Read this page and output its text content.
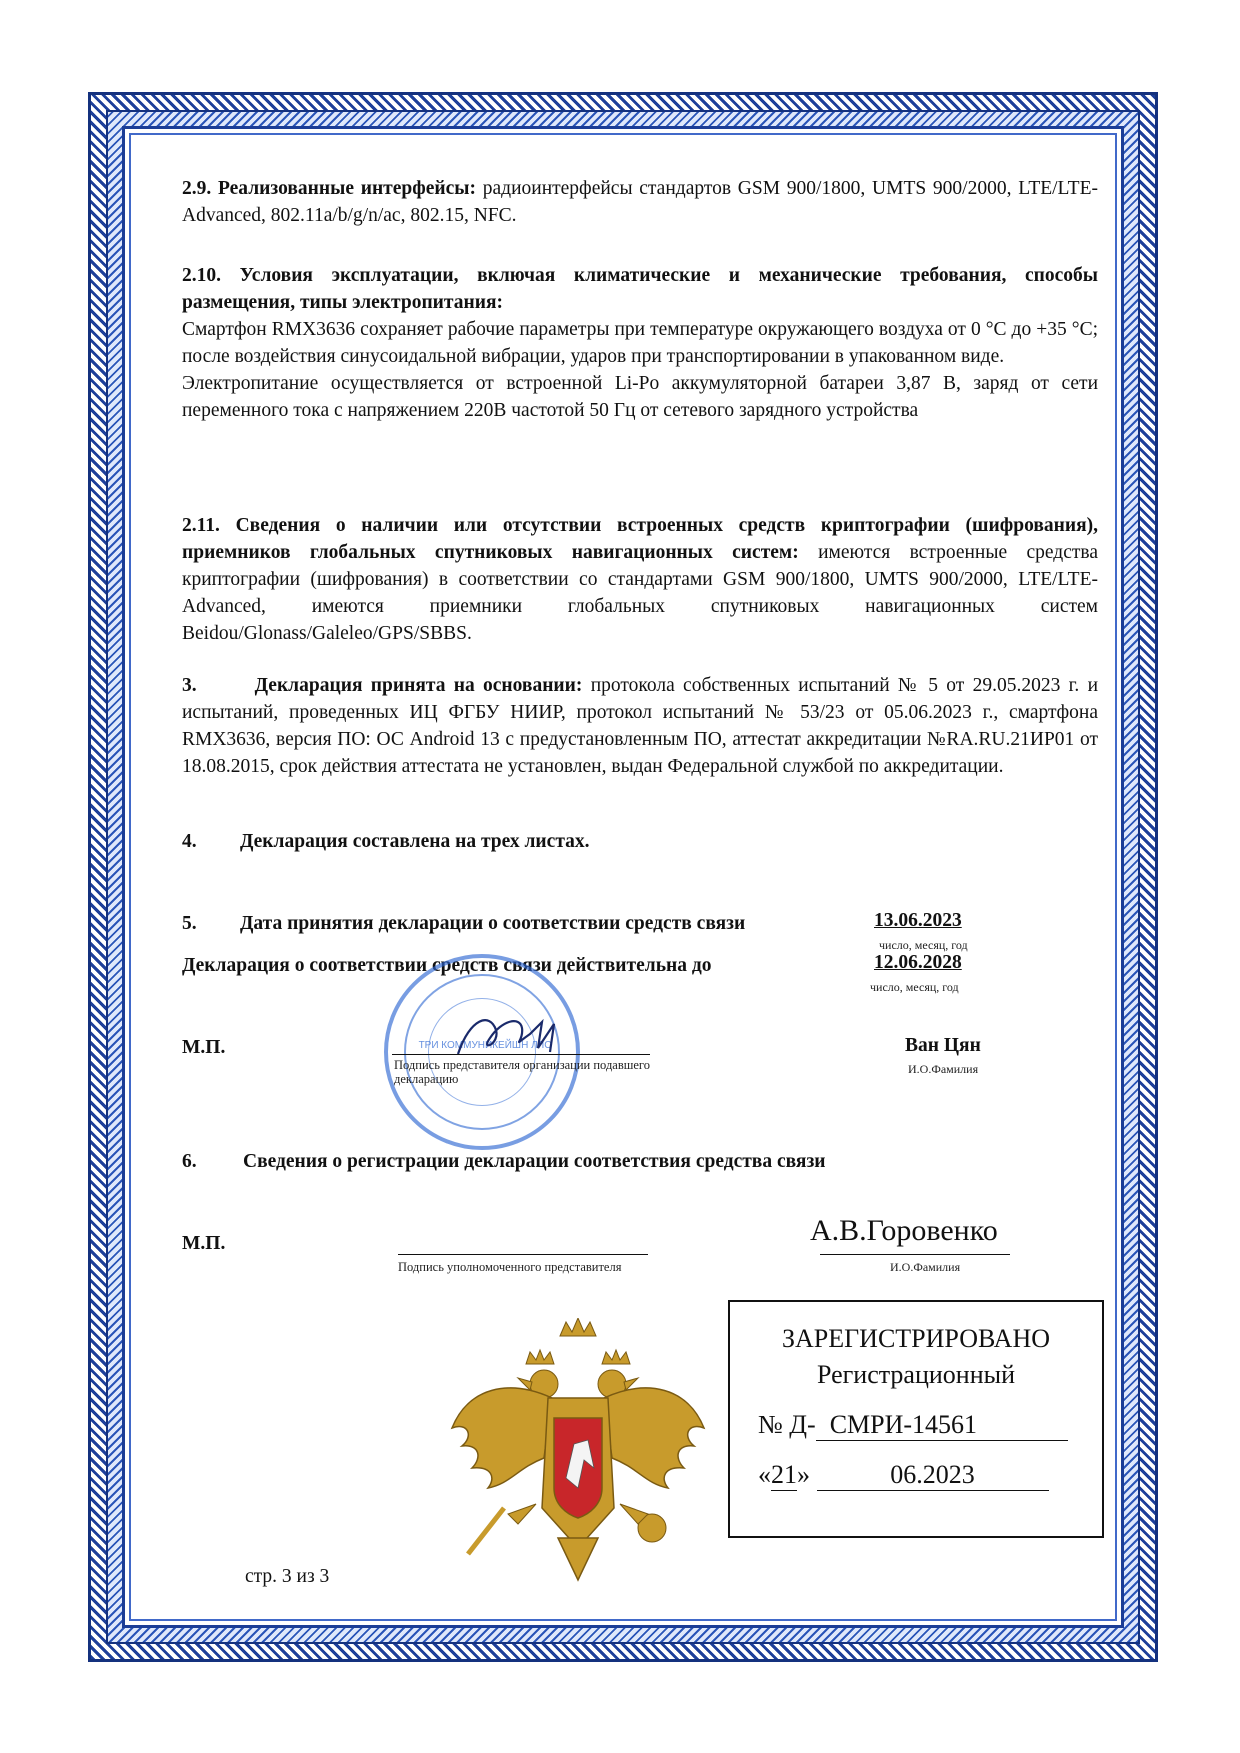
2.9. Реализованные интерфейсы: радиоинтерфейсы стандартов GSM 900/1800, UMTS 900/2000, LTE/LTE-Advanced, 802.11a/b/g/n/ac, 802.15, NFC.
2.10. Условия эксплуатации, включая климатические и механические требования, способы размещения, типы электропитания:

Смартфон RMX3636 сохраняет рабочие параметры при температуре окружающего воздуха от 0 °С до +35 °С; после воздействия синусоидальной вибрации, ударов при транспортировании в упакованном виде.

Электропитание осуществляется от встроенной Li-Po аккумуляторной батареи 3,87 В, заряд от сети переменного тока с напряжением 220В частотой 50 Гц от сетевого зарядного устройства

2.11. Сведения о наличии или отсутствии встроенных средств криптографии (шифрования), приемников глобальных спутниковых навигационных систем: имеются встроенные средства криптографии (шифрования) в соответствии со стандартами GSM 900/1800, UMTS 900/2000, LTE/LTE-Advanced, имеются приемники глобальных спутниковых навигационных систем Beidou/Glonass/Galeleo/GPS/SBBS.
3.	Декларация принята на основании: протокола собственных испытаний № 5 от 29.05.2023 г. и испытаний, проведенных ИЦ ФГБУ НИИР, протокол испытаний № 53/23 от 05.06.2023 г., смартфона RMX3636, версия ПО: ОС Android 13 с предустановленным ПО, аттестат аккредитации №RA.RU.21ИР01 от 18.08.2015, срок действия аттестата не установлен, выдан Федеральной службой по аккредитации.
4. Декларация составлена на трех листах.
5. Дата принятия декларации о соответствии средств связи	13.06.2023
число, месяц, год
Декларация о соответствии средств связи действительна до	12.06.2028
число, месяц, год
ТРИ КОММУНИКЕЙШН ЛЛС
М.П.
Подпись представителя организации подавшего декларацию
Ван Цян
И.О.Фамилия
6. Сведения о регистрации декларации соответствия средства связи
М.П.
Подпись уполномоченного представителя
А.В.Горовенко
И.О.Фамилия
ЗАРЕГИСТРИРОВАНО
Регистрационный
№ Д- СМРИ-14561
«21»	06.2023
стр. 3 из 3
